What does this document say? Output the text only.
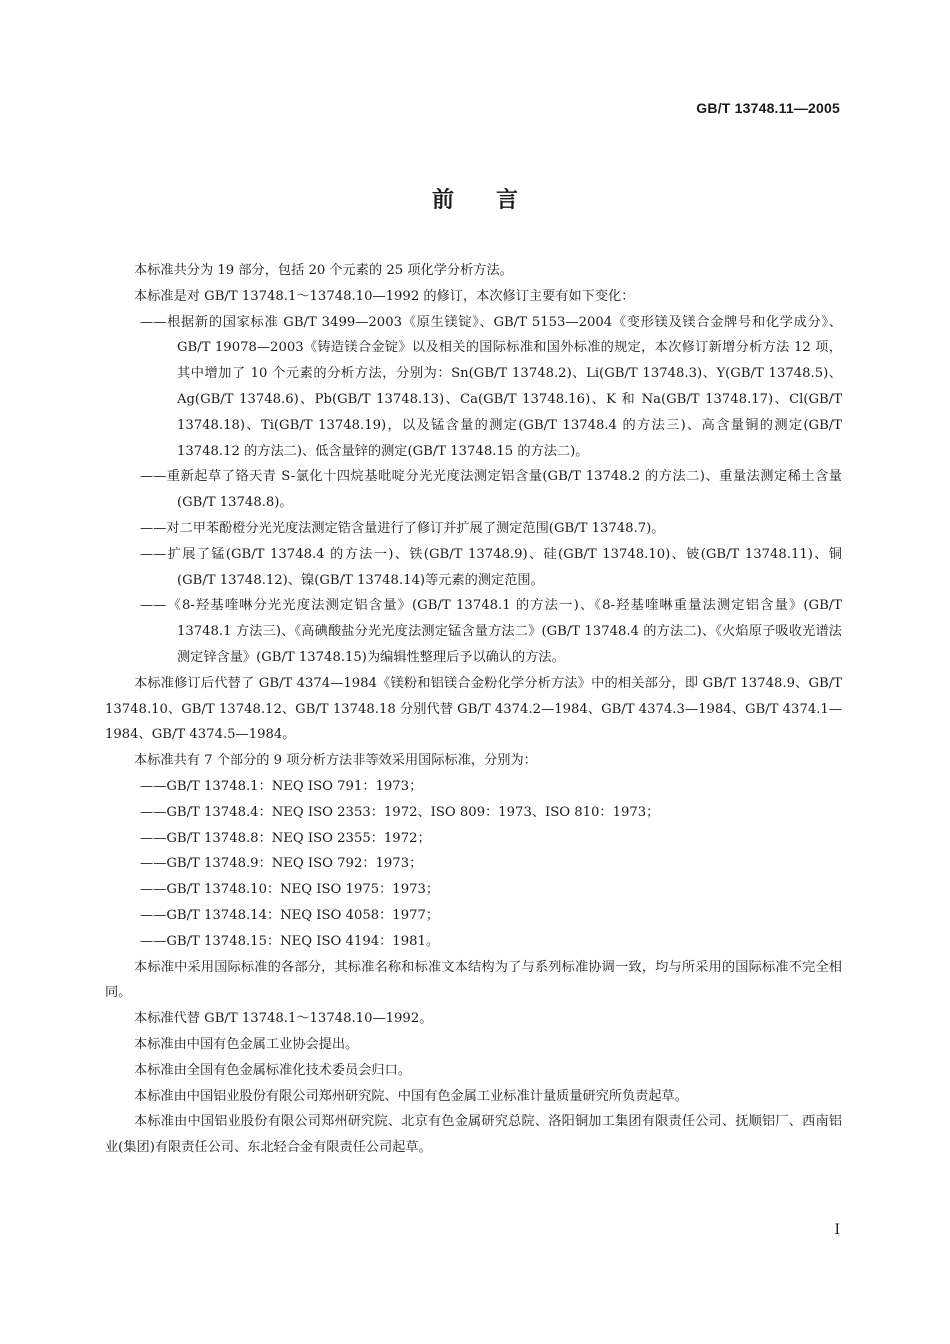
GB/T 13748.11—2005
前言

本标准共分为 19 部分，包括 20 个元素的 25 项化学分析方法。

本标准是对 GB/T 13748.1～13748.10—1992 的修订，本次修订主要有如下变化：

——根据新的国家标准 GB/T 3499—2003《原生镁锭》、GB/T 5153—2004《变形镁及镁合金牌号和化学成分》、GB/T 19078—2003《铸造镁合金锭》以及相关的国际标准和国外标准的规定，本次修订新增分析方法 12 项，其中增加了 10 个元素的分析方法，分别为：Sn(GB/T 13748.2)、Li(GB/T 13748.3)、Y(GB/T 13748.5)、Ag(GB/T 13748.6)、Pb(GB/T 13748.13)、Ca(GB/T 13748.16)、K 和 Na(GB/T 13748.17)、Cl(GB/T 13748.18)、Ti(GB/T 13748.19)，以及锰含量的测定(GB/T 13748.4 的方法三)、高含量铜的测定(GB/T 13748.12 的方法二)、低含量锌的测定(GB/T 13748.15 的方法二)。

——重新起草了铬天青 S-氯化十四烷基吡啶分光光度法测定铝含量(GB/T 13748.2 的方法二)、重量法测定稀土含量(GB/T 13748.8)。

——对二甲苯酚橙分光光度法测定锆含量进行了修订并扩展了测定范围(GB/T 13748.7)。

——扩展了锰(GB/T 13748.4 的方法一)、铁(GB/T 13748.9)、硅(GB/T 13748.10)、铍(GB/T 13748.11)、铜(GB/T 13748.12)、镍(GB/T 13748.14)等元素的测定范围。

——《8-羟基喹啉分光光度法测定铝含量》(GB/T 13748.1 的方法一)、《8-羟基喹啉重量法测定铝含量》(GB/T 13748.1 方法三)、《高碘酸盐分光光度法测定锰含量方法二》(GB/T 13748.4 的方法二)、《火焰原子吸收光谱法测定锌含量》(GB/T 13748.15)为编辑性整理后予以确认的方法。

本标准修订后代替了 GB/T 4374—1984《镁粉和铝镁合金粉化学分析方法》中的相关部分，即 GB/T 13748.9、GB/T 13748.10、GB/T 13748.12、GB/T 13748.18 分别代替 GB/T 4374.2—1984、GB/T 4374.3—1984、GB/T 4374.1—1984、GB/T 4374.5—1984。

本标准共有 7 个部分的 9 项分析方法非等效采用国际标准，分别为：

——GB/T 13748.1：NEQ ISO 791：1973；

——GB/T 13748.4：NEQ ISO 2353：1972、ISO 809：1973、ISO 810：1973；

——GB/T 13748.8：NEQ ISO 2355：1972；

——GB/T 13748.9：NEQ ISO 792：1973；

——GB/T 13748.10：NEQ ISO 1975：1973；

——GB/T 13748.14：NEQ ISO 4058：1977；

——GB/T 13748.15：NEQ ISO 4194：1981。

本标准中采用国际标准的各部分，其标准名称和标准文本结构为了与系列标准协调一致，均与所采用的国际标准不完全相同。

本标准代替 GB/T 13748.1～13748.10—1992。

本标准由中国有色金属工业协会提出。

本标准由全国有色金属标准化技术委员会归口。

本标准由中国铝业股份有限公司郑州研究院、中国有色金属工业标准计量质量研究所负责起草。

本标准由中国铝业股份有限公司郑州研究院、北京有色金属研究总院、洛阳铜加工集团有限责任公司、抚顺铝厂、西南铝业(集团)有限责任公司、东北轻合金有限责任公司起草。

I
